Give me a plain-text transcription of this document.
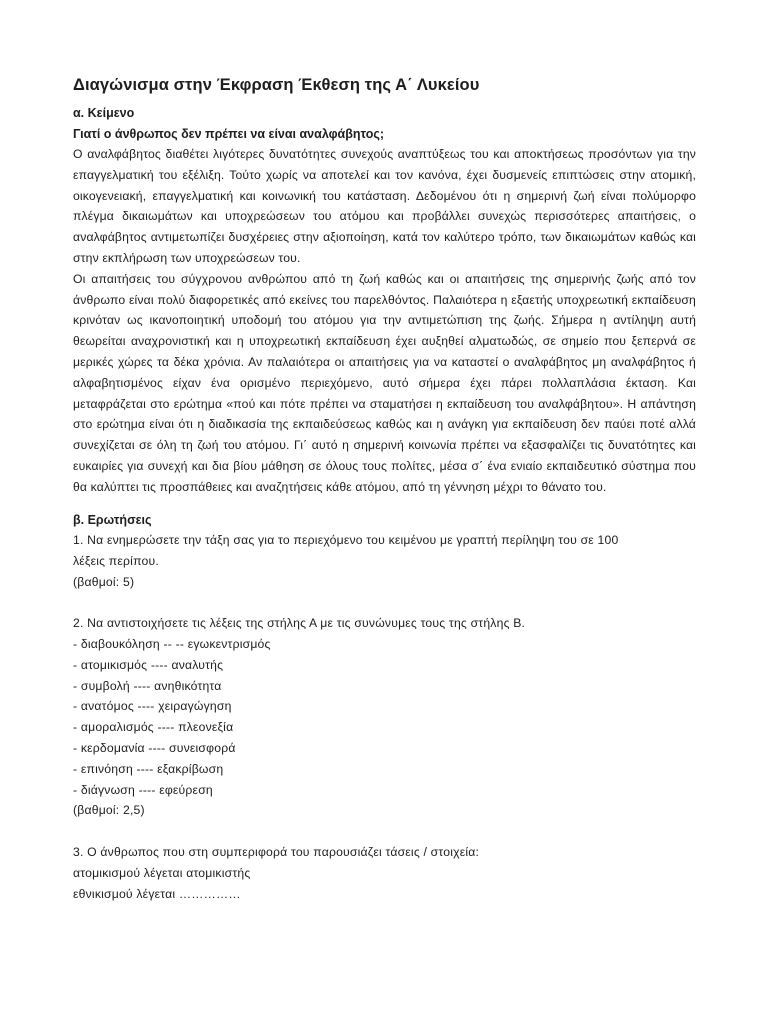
Διαγώνισμα στην Έκφραση Έκθεση της Α΄ Λυκείου
α. Κείμενο
Γιατί ο άνθρωπος δεν πρέπει να είναι αναλφάβητος;

Ο αναλφάβητος διαθέτει λιγότερες δυνατότητες συνεχούς αναπτύξεως του και αποκτήσεως προσόντων για την επαγγελματική του εξέλιξη. Τούτο χωρίς να αποτελεί και τον κανόνα, έχει δυσμενείς επιπτώσεις στην ατομική, οικογενειακή, επαγγελματική και κοινωνική του κατάσταση. Δεδομένου ότι η σημερινή ζωή είναι πολύμορφο πλέγμα δικαιωμάτων και υποχρεώσεων του ατόμου και προβάλλει συνεχώς περισσότερες απαιτήσεις, ο αναλφάβητος αντιμετωπίζει δυσχέρειες στην αξιοποίηση, κατά τον καλύτερο τρόπο, των δικαιωμάτων καθώς και στην εκπλήρωση των υποχρεώσεων του.

Οι απαιτήσεις του σύγχρονου ανθρώπου από τη ζωή καθώς και οι απαιτήσεις της σημερινής ζωής από τον άνθρωπο είναι πολύ διαφορετικές από εκείνες του παρελθόντος. Παλαιότερα η εξαετής υποχρεωτική εκπαίδευση κρινόταν ως ικανοποιητική υποδομή του ατόμου για την αντιμετώπιση της ζωής. Σήμερα η αντίληψη αυτή θεωρείται αναχρονιστική και η υποχρεωτική εκπαίδευση έχει αυξηθεί αλματωδώς, σε σημείο που ξεπερνά σε μερικές χώρες τα δέκα χρόνια. Αν παλαιότερα οι απαιτήσεις για να καταστεί ο αναλφάβητος μη αναλφάβητος ή αλφαβητισμένος είχαν ένα ορισμένο περιεχόμενο, αυτό σήμερα έχει πάρει πολλαπλάσια έκταση. Και μεταφράζεται στο ερώτημα «πού και πότε πρέπει να σταματήσει η εκπαίδευση του αναλφάβητου». Η απάντηση στο ερώτημα είναι ότι η διαδικασία της εκπαιδεύσεως καθώς και η ανάγκη για εκπαίδευση δεν παύει ποτέ αλλά συνεχίζεται σε όλη τη ζωή του ατόμου. Γι΄ αυτό η σημερινή κοινωνία πρέπει να εξασφαλίζει τις δυνατότητες και ευκαιρίες για συνεχή και δια βίου μάθηση σε όλους τους πολίτες, μέσα σ΄ ένα ενιαίο εκπαιδευτικό σύστημα που θα καλύπτει τις προσπάθειες και αναζητήσεις κάθε ατόμου, από τη γέννηση μέχρι το θάνατο του.

β. Ερωτήσεις
1. Να ενημερώσετε την τάξη σας για το περιεχόμενο του κειμένου με γραπτή περίληψη του σε 100
λέξεις περίπου.
(βαθμοί: 5)
2. Να αντιστοιχήσετε τις λέξεις της στήλης Α με τις συνώνυμες τους της στήλης Β.
- διαβουκόληση -- -- εγωκεντρισμός
- ατομικισμός ---- αναλυτής
- συμβολή ---- ανηθικότητα
- ανατόμος ---- χειραγώγηση
- αμοραλισμός ---- πλεονεξία
- κερδομανία ---- συνεισφορά
- επινόηση ---- εξακρίβωση
- διάγνωση ---- εφεύρεση
(βαθμοί: 2,5)
3. Ο άνθρωπος που στη συμπεριφορά του παρουσιάζει τάσεις / στοιχεία:
ατομικισμού λέγεται ατομικιστής
εθνικισμού λέγεται ……………
